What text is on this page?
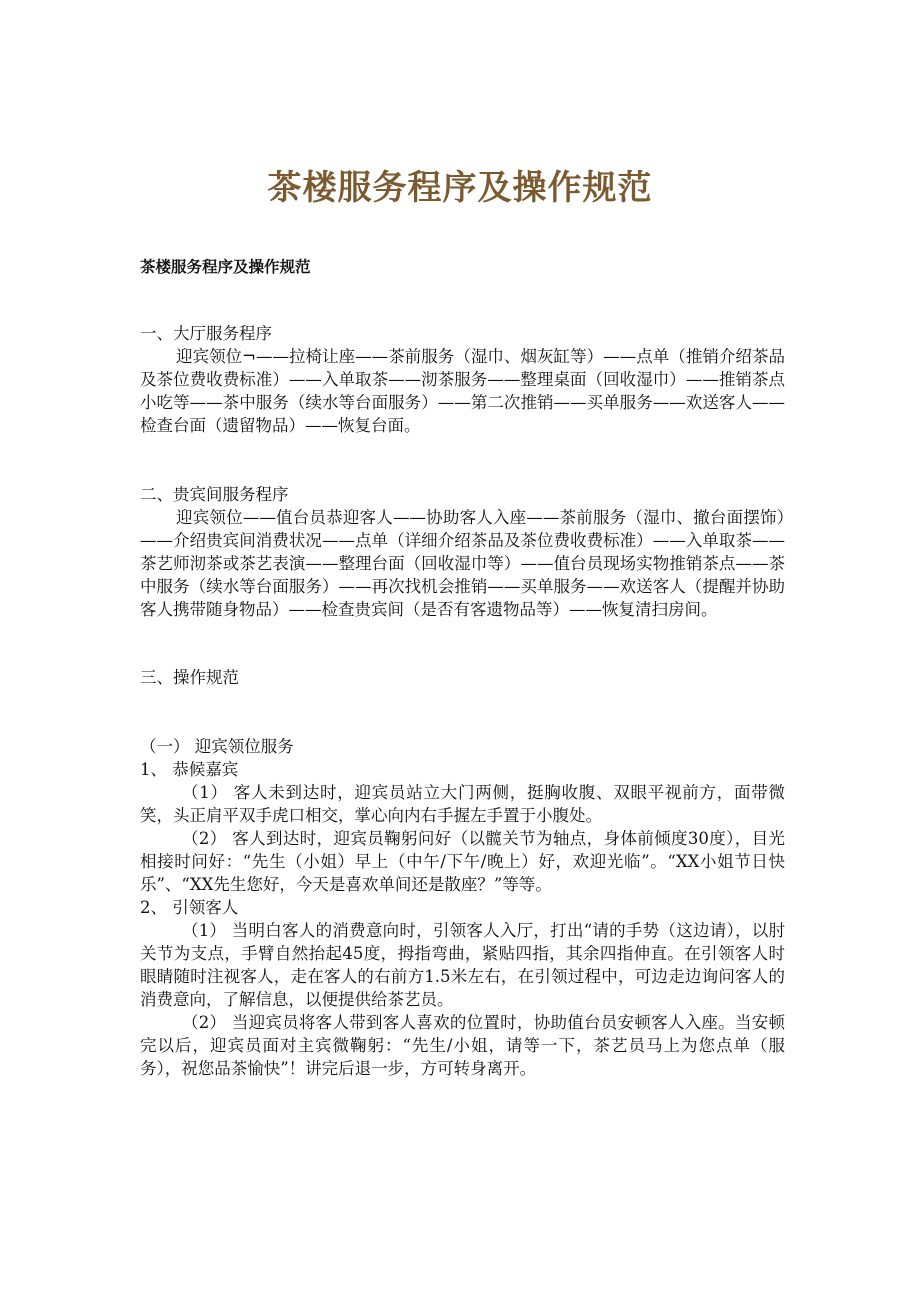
茶楼服务程序及操作规范

茶楼服务程序及操作规范

一、大厅服务程序

迎宾领位¬——拉椅让座——茶前服务（湿巾、烟灰缸等）——点单（推销介绍茶品及茶位费收费标准）——入单取茶——沏茶服务——整理桌面（回收湿巾）——推销茶点小吃等——茶中服务（续水等台面服务）——第二次推销——买单服务——欢送客人——检查台面（遗留物品）——恢复台面。

二、贵宾间服务程序

迎宾领位——值台员恭迎客人——协助客人入座——茶前服务（湿巾、撤台面摆饰）——介绍贵宾间消费状况——点单（详细介绍茶品及茶位费收费标准）——入单取茶——茶艺师沏茶或茶艺表演——整理台面（回收湿巾等）——值台员现场实物推销茶点——茶中服务（续水等台面服务）——再次找机会推销——买单服务——欢送客人（提醒并协助客人携带随身物品）——检查贵宾间（是否有客遗物品等）——恢复清扫房间。

三、操作规范

（一） 迎宾领位服务

1、 恭候嘉宾

（1） 客人未到达时，迎宾员站立大门两侧，挺胸收腹、双眼平视前方，面带微笑，头正肩平双手虎口相交，掌心向内右手握左手置于小腹处。

（2） 客人到达时，迎宾员鞠躬问好（以髋关节为轴点，身体前倾度30度），目光相接时问好：“先生（小姐）早上（中午/下午/晚上）好，欢迎光临”。“XX小姐节日快乐”、“XX先生您好，今天是喜欢单间还是散座？”等等。

2、 引领客人

（1） 当明白客人的消费意向时，引领客人入厅，打出“请的手势（这边请），以肘关节为支点，手臂自然抬起45度，拇指弯曲，紧贴四指，其余四指伸直。在引领客人时眼睛随时注视客人，走在客人的右前方1.5米左右，在引领过程中，可边走边询问客人的消费意向，了解信息，以便提供给茶艺员。

（2） 当迎宾员将客人带到客人喜欢的位置时，协助值台员安顿客人入座。当安顿完以后，迎宾员面对主宾微鞠躬：“先生/小姐，请等一下，茶艺员马上为您点单（服务），祝您品茶愉快”！讲完后退一步，方可转身离开。
